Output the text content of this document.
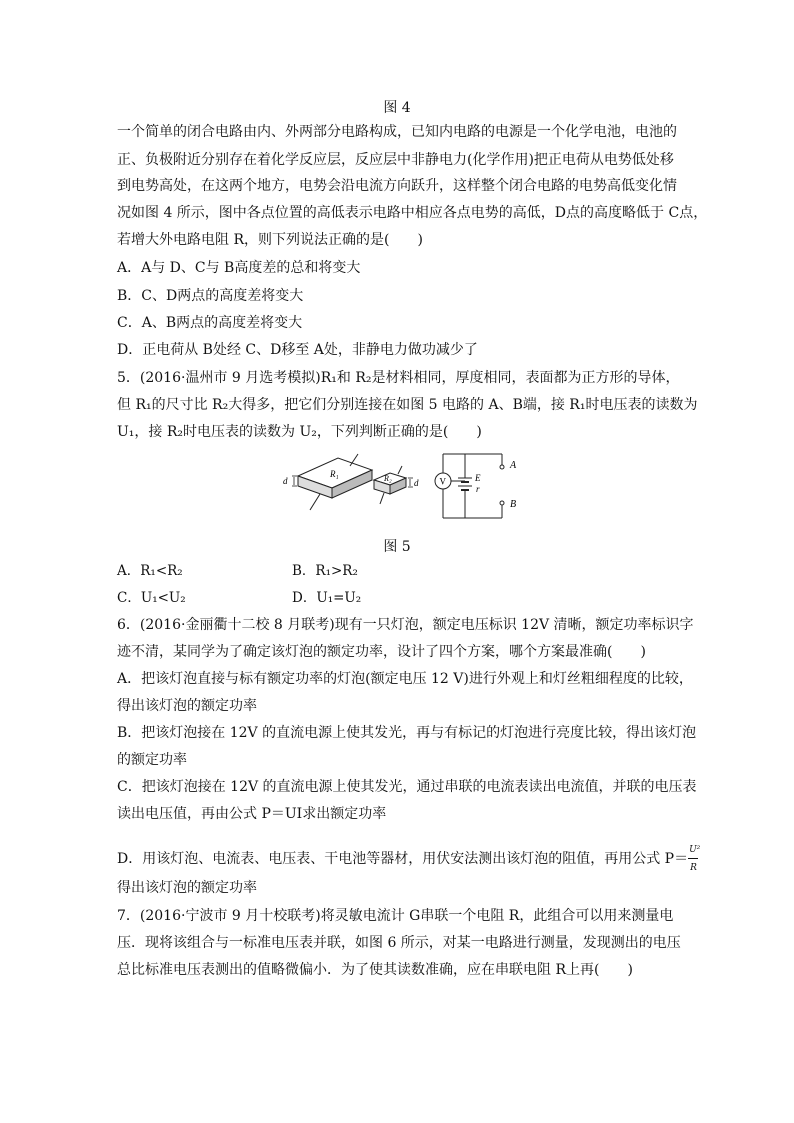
图 4
一个简单的闭合电路由内、外两部分电路构成，已知内电路的电源是一个化学电池，电池的
正、负极附近分别存在着化学反应层，反应层中非静电力(化学作用)把正电荷从电势低处移
到电势高处，在这两个地方，电势会沿电流方向跃升，这样整个闭合电路的电势高低变化情
况如图 4 所示，图中各点位置的高低表示电路中相应各点电势的高低，D点的高度略低于 C点，
若增大外电路电阻 R，则下列说法正确的是(　　)
A．A与 D、C与 B高度差的总和将变大
B．C、D两点的高度差将变大
C．A、B两点的高度差将变大
D．正电荷从 B处经 C、D移至 A处，非静电力做功减少了
5．(2016·温州市 9 月选考模拟)R₁和 R₂是材料相同，厚度相同，表面都为正方形的导体，
但 R₁的尺寸比 R₂大得多，把它们分别连接在如图 5 电路的 A、B端，接 R₁时电压表的读数为
U₁，接 R₂时电压表的读数为 U₂，下列判断正确的是(　　)
R₁
d	R₂ d V	E
r
A
B
图 5
A．R₁<R₂	B．R₁>R₂
C．U₁<U₂	D．U₁=U₂
6．(2016·金丽衢十二校 8 月联考)现有一只灯泡，额定电压标识 12V 清晰，额定功率标识字
迹不清，某同学为了确定该灯泡的额定功率，设计了四个方案，哪个方案最准确(　　)
A．把该灯泡直接与标有额定功率的灯泡(额定电压 12 V)进行外观上和灯丝粗细程度的比较，
得出该灯泡的额定功率
B．把该灯泡接在 12V 的直流电源上使其发光，再与有标记的灯泡进行亮度比较，得出该灯泡
的额定功率
C．把该灯泡接在 12V 的直流电源上使其发光，通过串联的电流表读出电流值，并联的电压表
读出电压值，再由公式 P＝UI求出额定功率
D．用该灯泡、电流表、电压表、干电池等器材，用伏安法测出该灯泡的阻值，再用公式 $P= \frac{\text{U²}}{R}$
得出该灯泡的额定功率
7．(2016·宁波市 9 月十校联考)将灵敏电流计 G串联一个电阻 R，此组合可以用来测量电
压．现将该组合与一标准电压表并联，如图 6 所示，对某一电路进行测量，发现测出的电压
总比标准电压表测出的值略微偏小．为了使其读数准确，应在串联电阻 R上再(　　)
